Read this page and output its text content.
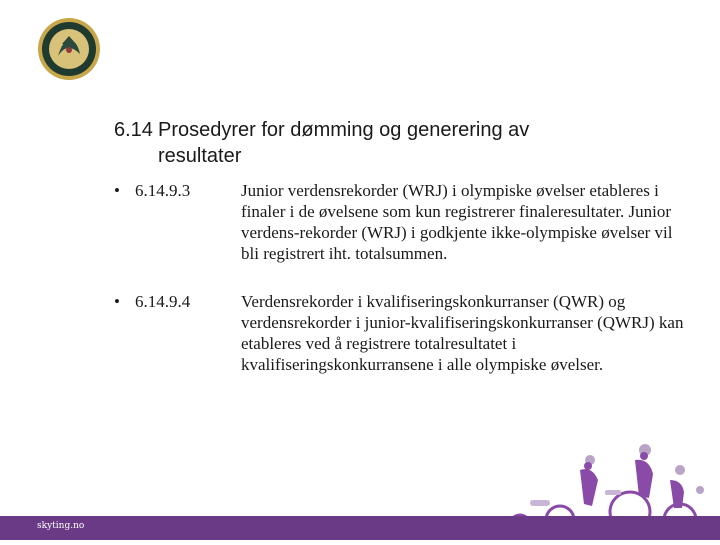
6.14 Prosedyrer for dømming og generering av
resultater
• 6.14.9.3	Junior verdensrekorder (WRJ) i olympiske øvelser etableres i finaler i de øvelsene som kun registrerer finaleresultater. Junior verdens-rekorder (WRJ) i godkjente ikke-olympiske øvelser vil bli registrert iht. totalsummen.
• 6.14.9.4	Verdensrekorder i kvalifiseringskonkurranser (QWR) og verdensrekorder i junior-kvalifiseringskonkurranser (QWRJ) kan etableres ved å registrere totalresultatet i kvalifiseringskonkurransene i alle olympiske øvelser.
skyting.no
